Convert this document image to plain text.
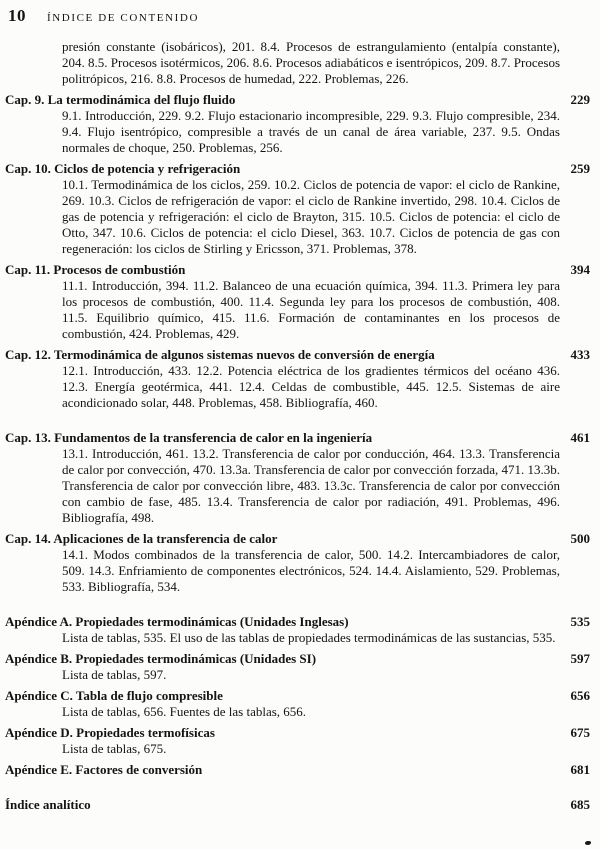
10 ÍNDICE DE CONTENIDO
presión constante (isobáricos), 201. 8.4. Procesos de estrangulamiento (entalpía constante), 204. 8.5. Procesos isotérmicos, 206. 8.6. Procesos adiabáticos e isentrópicos, 209. 8.7. Procesos politrópicos, 216. 8.8. Procesos de humedad, 222. Problemas, 226.
Cap. 9. La termodinámica del flujo fluido	229
9.1. Introducción, 229. 9.2. Flujo estacionario incompresible, 229. 9.3. Flujo compresible, 234. 9.4. Flujo isentrópico, compresible a través de un canal de área variable, 237. 9.5. Ondas normales de choque, 250. Problemas, 256.
Cap. 10. Ciclos de potencia y refrigeración	259
10.1. Termodinámica de los ciclos, 259. 10.2. Ciclos de potencia de vapor: el ciclo de Rankine, 269. 10.3. Ciclos de refrigeración de vapor: el ciclo de Rankine invertido, 298. 10.4. Ciclos de gas de potencia y refrigeración: el ciclo de Brayton, 315. 10.5. Ciclos de potencia: el ciclo de Otto, 347. 10.6. Ciclos de potencia: el ciclo Diesel, 363. 10.7. Ciclos de potencia de gas con regeneración: los ciclos de Stirling y Ericsson, 371. Problemas, 378.
Cap. 11. Procesos de combustión	394
11.1. Introducción, 394. 11.2. Balanceo de una ecuación química, 394. 11.3. Primera ley para los procesos de combustión, 400. 11.4. Segunda ley para los procesos de combustión, 408. 11.5. Equilibrio químico, 415. 11.6. Formación de contaminantes en los procesos de combustión, 424. Problemas, 429.
Cap. 12. Termodinámica de algunos sistemas nuevos de conversión de energía	433
12.1. Introducción, 433. 12.2. Potencia eléctrica de los gradientes térmicos del océano 436. 12.3. Energía geotérmica, 441. 12.4. Celdas de combustible, 445. 12.5. Sistemas de aire acondicionado solar, 448. Problemas, 458. Bibliografía, 460.
Cap. 13. Fundamentos de la transferencia de calor en la ingeniería	461
13.1. Introducción, 461. 13.2. Transferencia de calor por conducción, 464. 13.3. Transferencia de calor por convección, 470. 13.3a. Transferencia de calor por convección forzada, 471. 13.3b. Transferencia de calor por convección libre, 483. 13.3c. Transferencia de calor por convección con cambio de fase, 485. 13.4. Transferencia de calor por radiación, 491. Problemas, 496. Bibliografía, 498.
Cap. 14. Aplicaciones de la transferencia de calor	500
14.1. Modos combinados de la transferencia de calor, 500. 14.2. Intercambiadores de calor, 509. 14.3. Enfriamiento de componentes electrónicos, 524. 14.4. Aislamiento, 529. Problemas, 533. Bibliografía, 534.
Apéndice A. Propiedades termodinámicas (Unidades Inglesas)	535
Lista de tablas, 535. El uso de las tablas de propiedades termodinámicas de las sustancias, 535.
Apéndice B. Propiedades termodinámicas (Unidades SI)	597
Lista de tablas, 597.
Apéndice C. Tabla de flujo compresible	656
Lista de tablas, 656. Fuentes de las tablas, 656.
Apéndice D. Propiedades termofísicas	675
Lista de tablas, 675.
Apéndice E. Factores de conversión	681
Índice analítico	685
